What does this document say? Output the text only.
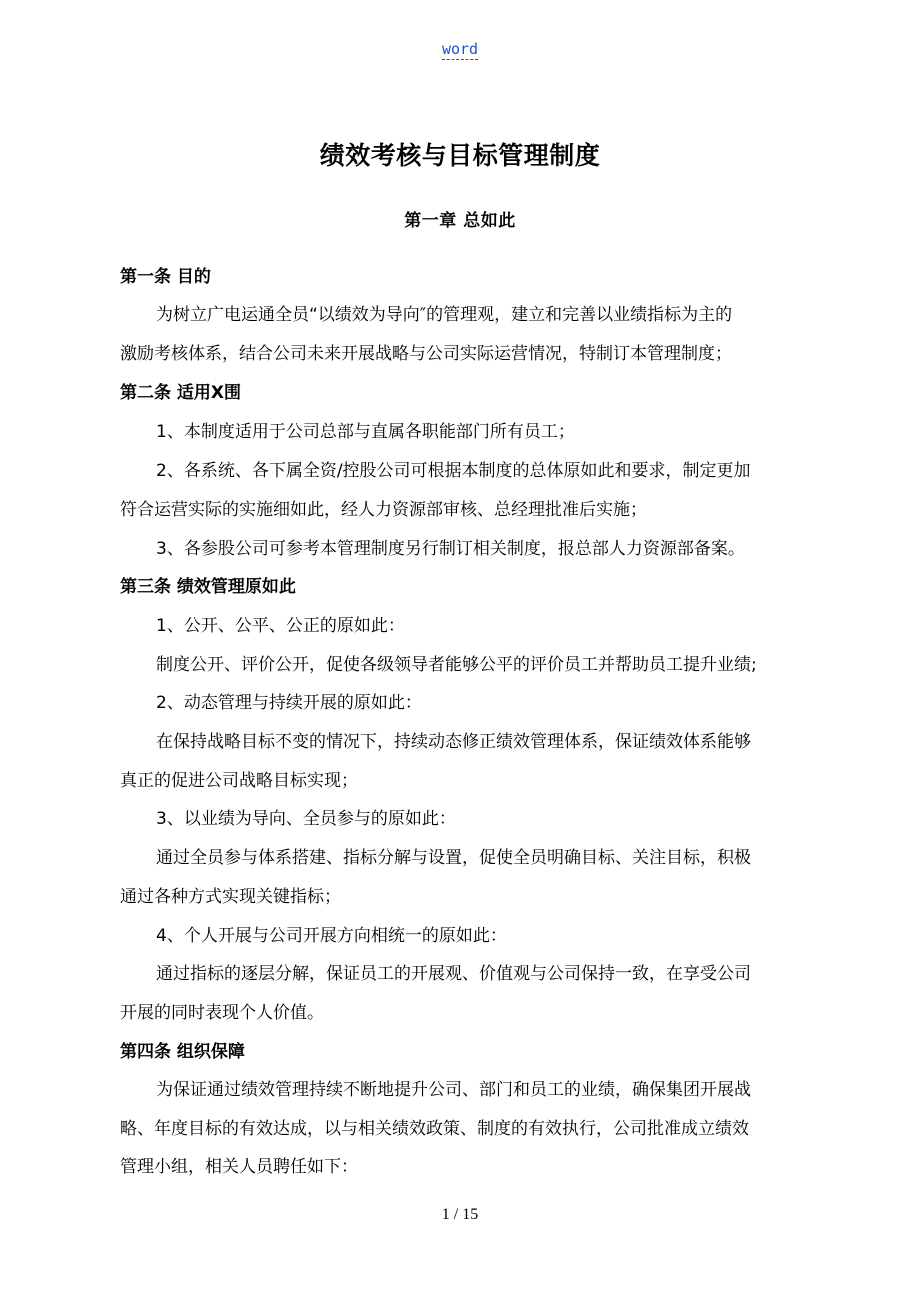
word
绩效考核与目标管理制度
第一章 总如此
第一条 目的
为树立广电运通全员“以绩效为导向″的管理观，建立和完善以业绩指标为主的
激励考核体系，结合公司未来开展战略与公司实际运营情况，特制订本管理制度；
第二条 适用X围
1、本制度适用于公司总部与直属各职能部门所有员工；
2、各系统、各下属全资/控股公司可根据本制度的总体原如此和要求，制定更加
符合运营实际的实施细如此，经人力资源部审核、总经理批准后实施；
3、各参股公司可参考本管理制度另行制订相关制度，报总部人力资源部备案。
第三条 绩效管理原如此
1、公开、公平、公正的原如此：
制度公开、评价公开，促使各级领导者能够公平的评价员工并帮助员工提升业绩;
2、动态管理与持续开展的原如此：
在保持战略目标不变的情况下，持续动态修正绩效管理体系，保证绩效体系能够
真正的促进公司战略目标实现；
3、以业绩为导向、全员参与的原如此：
通过全员参与体系搭建、指标分解与设置，促使全员明确目标、关注目标，积极
通过各种方式实现关键指标；
4、个人开展与公司开展方向相统一的原如此：
通过指标的逐层分解，保证员工的开展观、价值观与公司保持一致，在享受公司
开展的同时表现个人价值。
第四条 组织保障
为保证通过绩效管理持续不断地提升公司、部门和员工的业绩，确保集团开展战
略、年度目标的有效达成，以与相关绩效政策、制度的有效执行，公司批准成立绩效
管理小组，相关人员聘任如下：
1 / 15
